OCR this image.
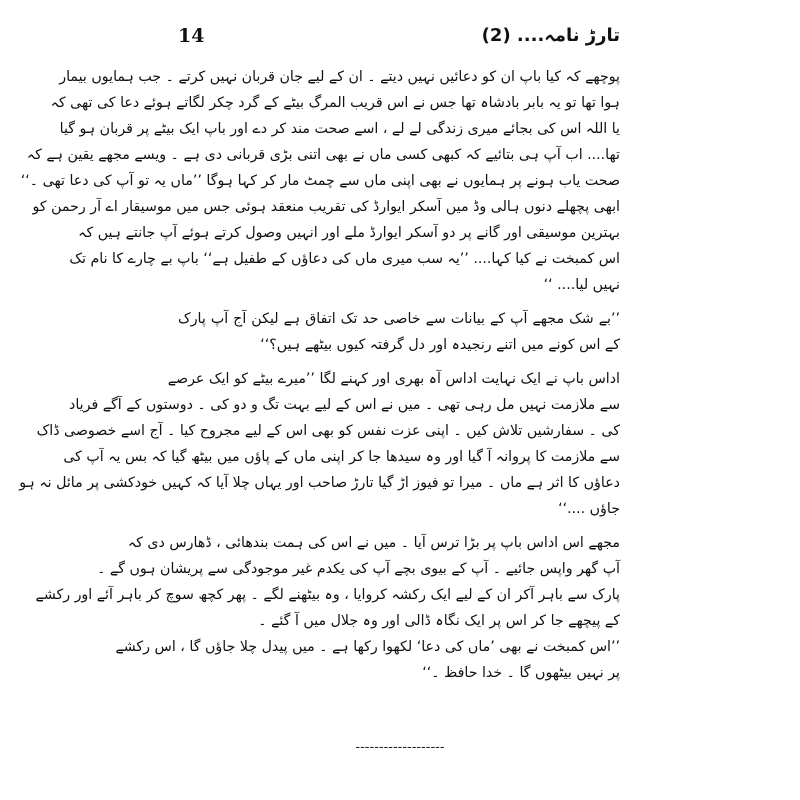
14	تارڑ نامہ.... (2)
پوچھے کہ کیا باپ ان کو دعائیں نہیں دیتے ۔ ان کے لیے جان قربان نہیں کرتے ۔ جب ہمایوں بیمار
ہوا تھا تو یہ بابر بادشاہ تھا جس نے اس قریب المرگ بیٹے کے گرد چکر لگاتے ہوئے دعا کی تھی کہ
یا اللہ اس کی بجائے میری زندگی لے لے ، اسے صحت مند کر دے اور باپ ایک بیٹے پر قربان ہو گیا
تھا.... اب آپ ہی بتائیے کہ کبھی کسی ماں نے بھی اتنی بڑی قربانی دی ہے ۔ ویسے مجھے یقین ہے کہ
صحت یاب ہونے پر ہمایوں نے بھی اپنی ماں سے چمٹ مار کر کہا ہوگا ’’ماں یہ تو آپ کی دعا تھی ۔‘‘
ابھی پچھلے دنوں ہالی وڈ میں آسکر ایوارڈ کی تقریب منعقد ہوئی جس میں موسیقار اے آر رحمن کو
بہترین موسیقی اور گانے پر دو آسکر ایوارڈ ملے اور انہیں وصول کرتے ہوئے آپ جانتے ہیں کہ
اس کمبخت نے کیا کہا.... ’’یہ سب میری ماں کی دعاؤں کے طفیل ہے‘‘ باپ بے چارے کا نام تک
نہیں لیا.... ‘‘
’’بے شک مجھے آپ کے بیانات سے خاصی حد تک اتفاق ہے لیکن آج آپ پارک
کے اس کونے میں اتنے رنجیدہ اور دل گرفتہ کیوں بیٹھے ہیں؟‘‘
اداس باپ نے ایک نہایت اداس آہ بھری اور کہنے لگا ’’میرے بیٹے کو ایک عرصے
سے ملازمت نہیں مل رہی تھی ۔ میں نے اس کے لیے بہت تگ و دو کی ۔ دوستوں کے آگے فریاد
کی ۔ سفارشیں تلاش کیں ۔ اپنی عزت نفس کو بھی اس کے لیے مجروح کیا ۔ آج اسے خصوصی ڈاک
سے ملازمت کا پروانہ آ گیا اور وہ سیدھا جا کر اپنی ماں کے پاؤں میں بیٹھ گیا کہ بس یہ آپ کی
دعاؤں کا اثر ہے ماں ۔ میرا تو فیوز اڑ گیا تارڑ صاحب اور یہاں چلا آیا کہ کہیں خودکشی پر مائل نہ ہو
جاؤں ....‘‘
مجھے اس اداس باپ پر بڑا ترس آیا ۔ میں نے اس کی ہمت بندھائی ، ڈھارس دی کہ
آپ گھر واپس جائیے ۔ آپ کے بیوی بچے آپ کی یکدم غیر موجودگی سے پریشان ہوں گے ۔
پارک سے باہر آکر ان کے لیے ایک رکشہ کروایا ، وہ بیٹھنے لگے ۔ پھر کچھ سوچ کر باہر آئے اور رکشے
کے پیچھے جا کر اس پر ایک نگاہ ڈالی اور وہ جلال میں آ گئے ۔
’’اس کمبخت نے بھی ’ماں کی دعا‘ لکھوا رکھا ہے ۔ میں پیدل چلا جاؤں گا ، اس رکشے
پر نہیں بیٹھوں گا ۔ خدا حافظ ۔‘‘
-------------------
